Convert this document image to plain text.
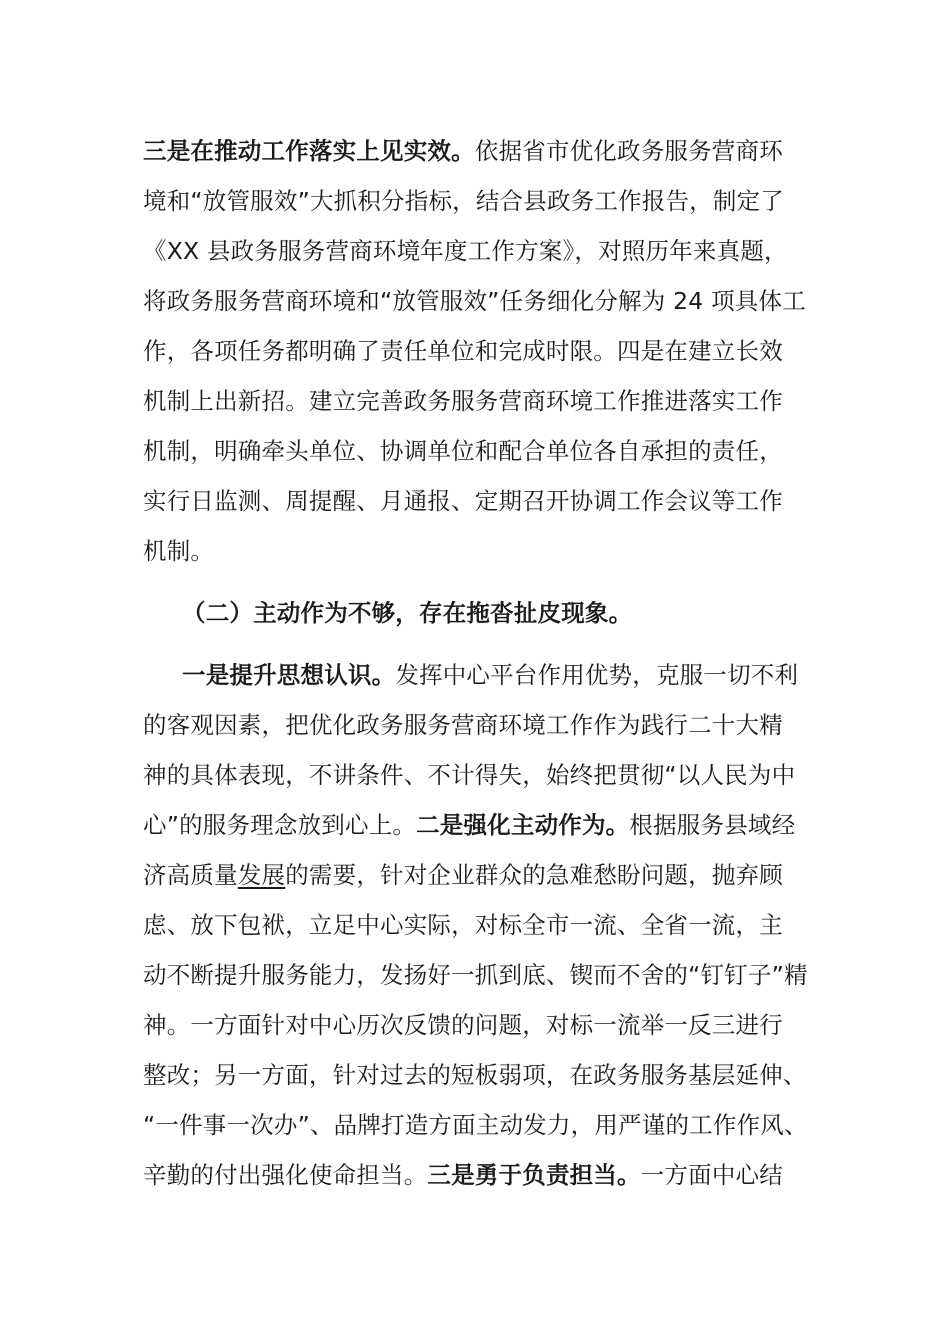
三是在推动工作落实上见实效。依据省市优化政务服务营商环
境和“放管服效”大抓积分指标，结合县政务工作报告，制定了
《XX 县政务服务营商环境年度工作方案》，对照历年来真题，
将政务服务营商环境和“放管服效”任务细化分解为 24 项具体工
作，各项任务都明确了责任单位和完成时限。四是在建立长效
机制上出新招。建立完善政务服务营商环境工作推进落实工作
机制，明确牵头单位、协调单位和配合单位各自承担的责任，
实行日监测、周提醒、月通报、定期召开协调工作会议等工作
机制。
（二）主动作为不够，存在拖沓扯皮现象。
一是提升思想认识。发挥中心平台作用优势，克服一切不利
的客观因素，把优化政务服务营商环境工作作为践行二十大精
神的具体表现，不讲条件、不计得失，始终把贯彻“以人民为中
心”的服务理念放到心上。二是强化主动作为。根据服务县域经
济高质量发展的需要，针对企业群众的急难愁盼问题，抛弃顾
虑、放下包袱，立足中心实际，对标全市一流、全省一流，主
动不断提升服务能力，发扬好一抓到底、锲而不舍的“钉钉子”精
神。一方面针对中心历次反馈的问题，对标一流举一反三进行
整改；另一方面，针对过去的短板弱项，在政务服务基层延伸、
“一件事一次办”、品牌打造方面主动发力，用严谨的工作作风、
辛勤的付出强化使命担当。三是勇于负责担当。一方面中心结
